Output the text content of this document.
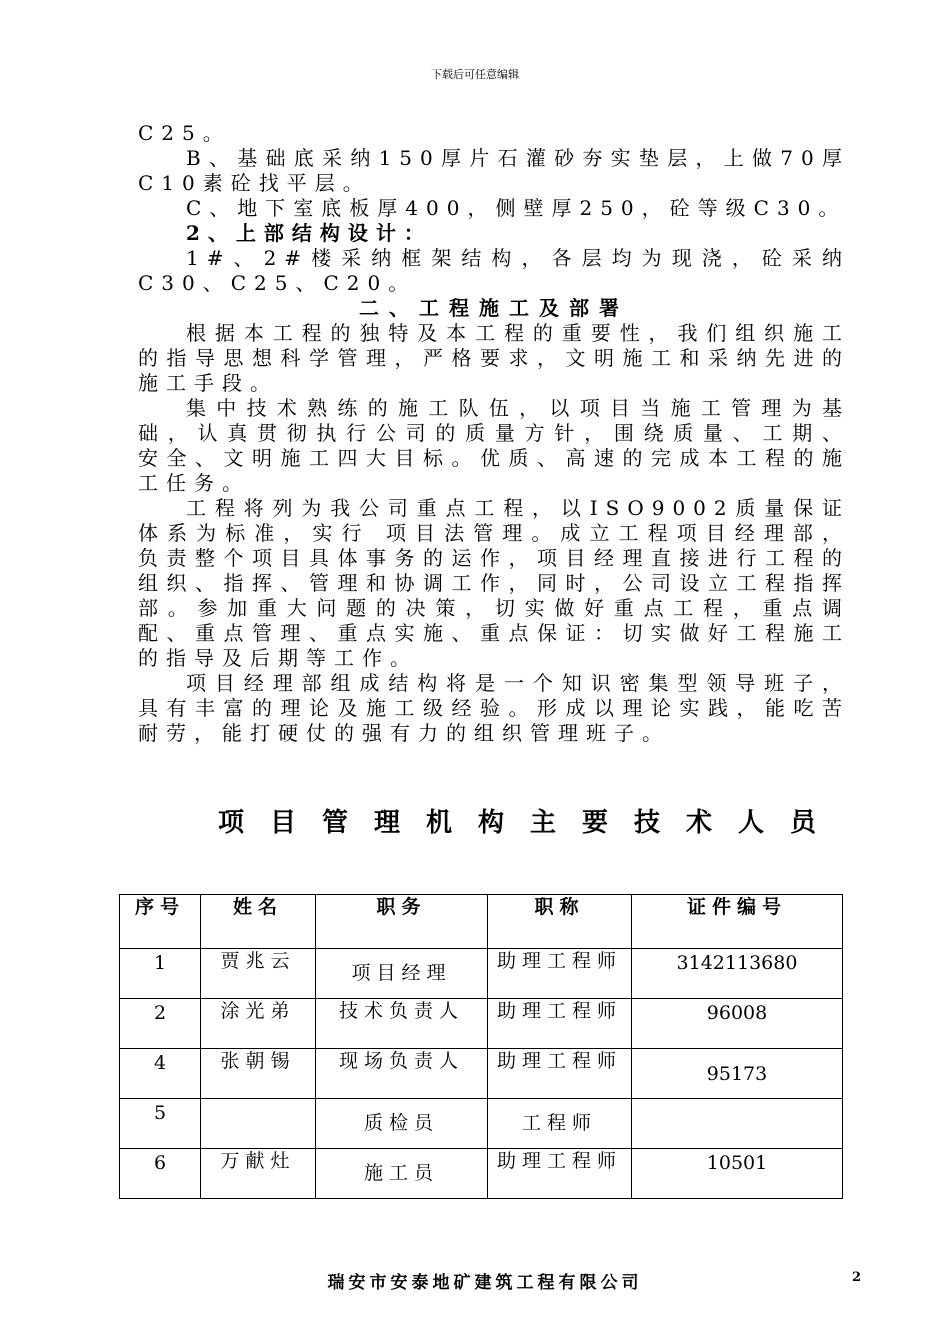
下载后可任意编辑

C25。

B、基础底采纳150厚片石灌砂夯实垫层，上做70厚C10素砼找平层。

C、地下室底板厚400，侧壁厚250，砼等级C30。

2、上部结构设计：

1#、2#楼采纳框架结构，各层均为现浇，砼采纳C30、C25、C20。

二、工程施工及部署

根据本工程的独特及本工程的重要性，我们组织施工的指导思想科学管理，严格要求，文明施工和采纳先进的施工手段。

集中技术熟练的施工队伍，以项目当施工管理为基础，认真贯彻执行公司的质量方针，围绕质量、工期、 安全、文明施工四大目标。优质、高速的完成本工程的施工任务。

工程将列为我公司重点工程，以ISO9002质量保证体系为标准，实行 项目法管理。成立工程项目经理部，负责整个项目具体事务的运作，项目经理直接进行工程的组织、指挥、管理和协调工作，同时，公司设立工程指挥部。参加重大问题的决策，切实做好重点工程，重点调配、重点管理、重点实施、重点保证：切实做好工程施工的指导及后期等工作。

项目经理部组成结构将是一个知识密集型领导班子，具有丰富的理论及施工级经验。形成以理论实践，能吃苦耐劳，能打硬仗的强有力的组织管理班子。

项目管理机构主要技术人员
序号	姓名	职务	职称	证件编号
1	贾兆云	项目经理	助理工程师	3142113680
2	涂光弟	技术负责人	助理工程师	96008
4	张朝锡	现场负责人	助理工程师	95173
5		质检员	工程师	
6	万献灶	施工员	助理工程师	10501
瑞安市安泰地矿建筑工程有限公司	2
